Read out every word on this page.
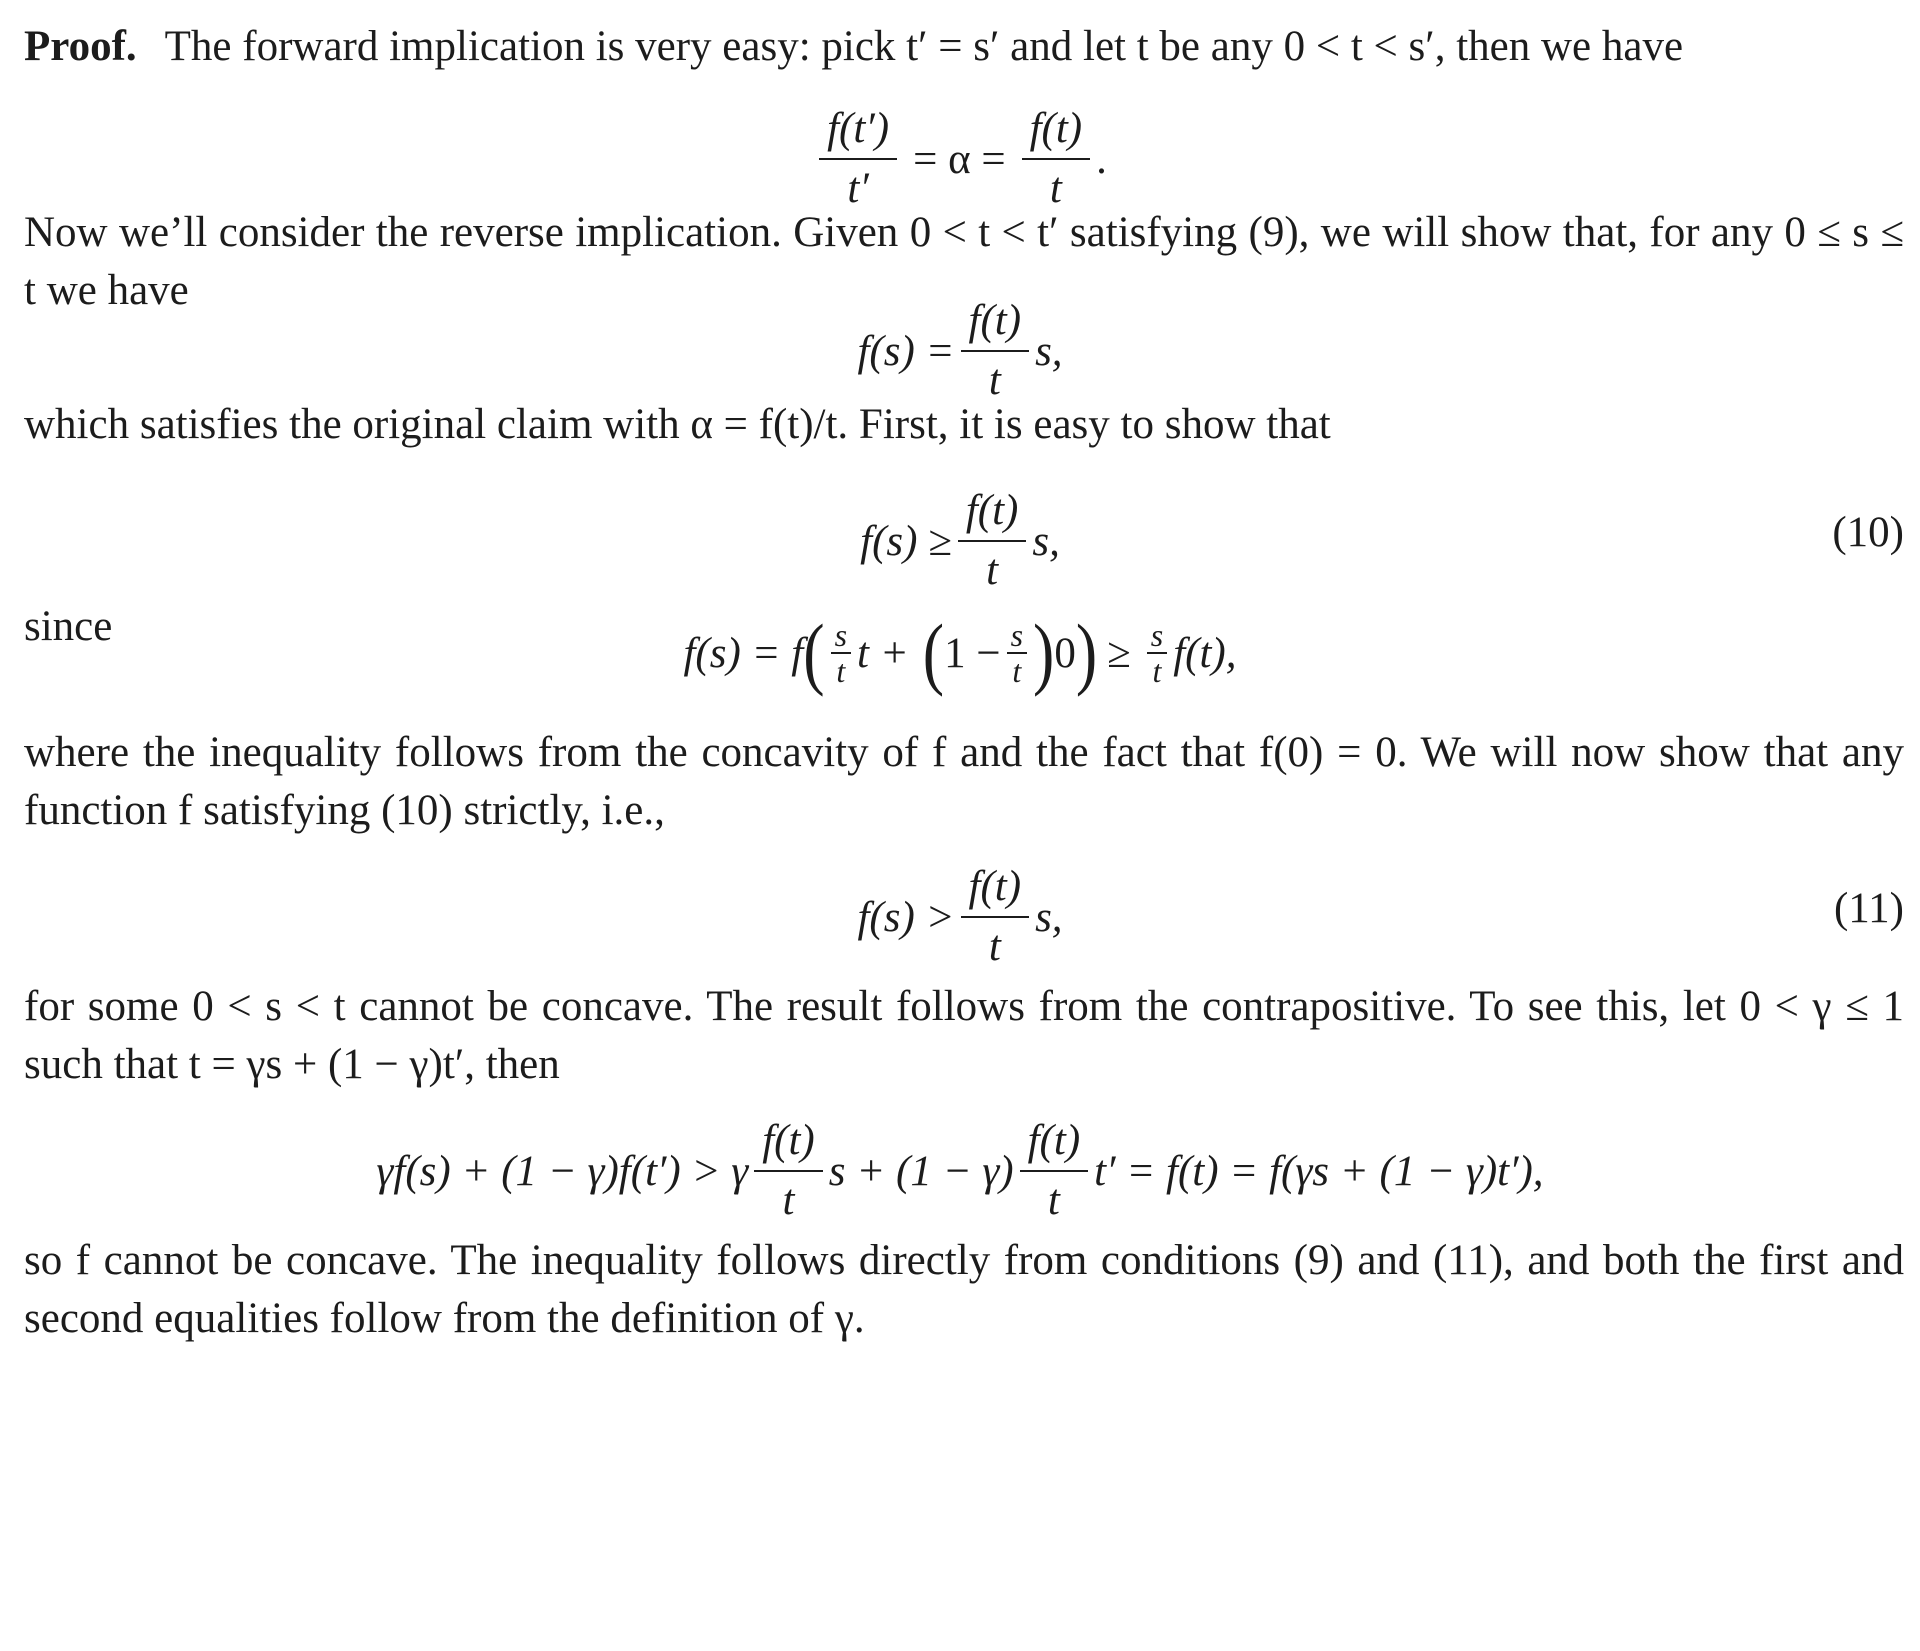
Proof. The forward implication is very easy: pick t′ = s′ and let t be any 0 < t < s′, then we have

$\frac{f(t')}{t'} = \alpha = \frac{f(t)}{t}$ .

Now we’ll consider the reverse implication. Given 0 < t < t′ satisfying (9), we will show that, for any 0 ≤ s ≤ t we have

$f(s) = \frac{f(t)}{t} s$,

which satisfies the original claim with α = f(t)/t. First, it is easy to show that

$f(s) \ge \frac{f(t)}{t} s$,	(10)

since

f(s) = f ( $\frac{s}{t}$ t + ( $1 - \frac{s}{t}$ ) 0 ) ≥ $\frac{s}{t} f(t)$,

where the inequality follows from the concavity of f and the fact that f(0) = 0. We will now show that any function f satisfying (10) strictly, i.e.,

$f(s) > \frac{f(t)}{t} s$,	(11)

for some 0 < s < t cannot be concave. The result follows from the contrapositive. To see this, let 0 < γ ≤ 1 such that t = γs + (1 − γ)t′, then

γf(s) + (1 − γ)f(t′) > γ $\frac{f(t)}{t}$ $s + (1 - \gamma) \frac{f(t)}{t} t' = f(t) = f(\gamma s + (1 - \gamma)t')$,

so f cannot be concave. The inequality follows directly from conditions (9) and (11), and both the first and second equalities follow from the definition of γ.
